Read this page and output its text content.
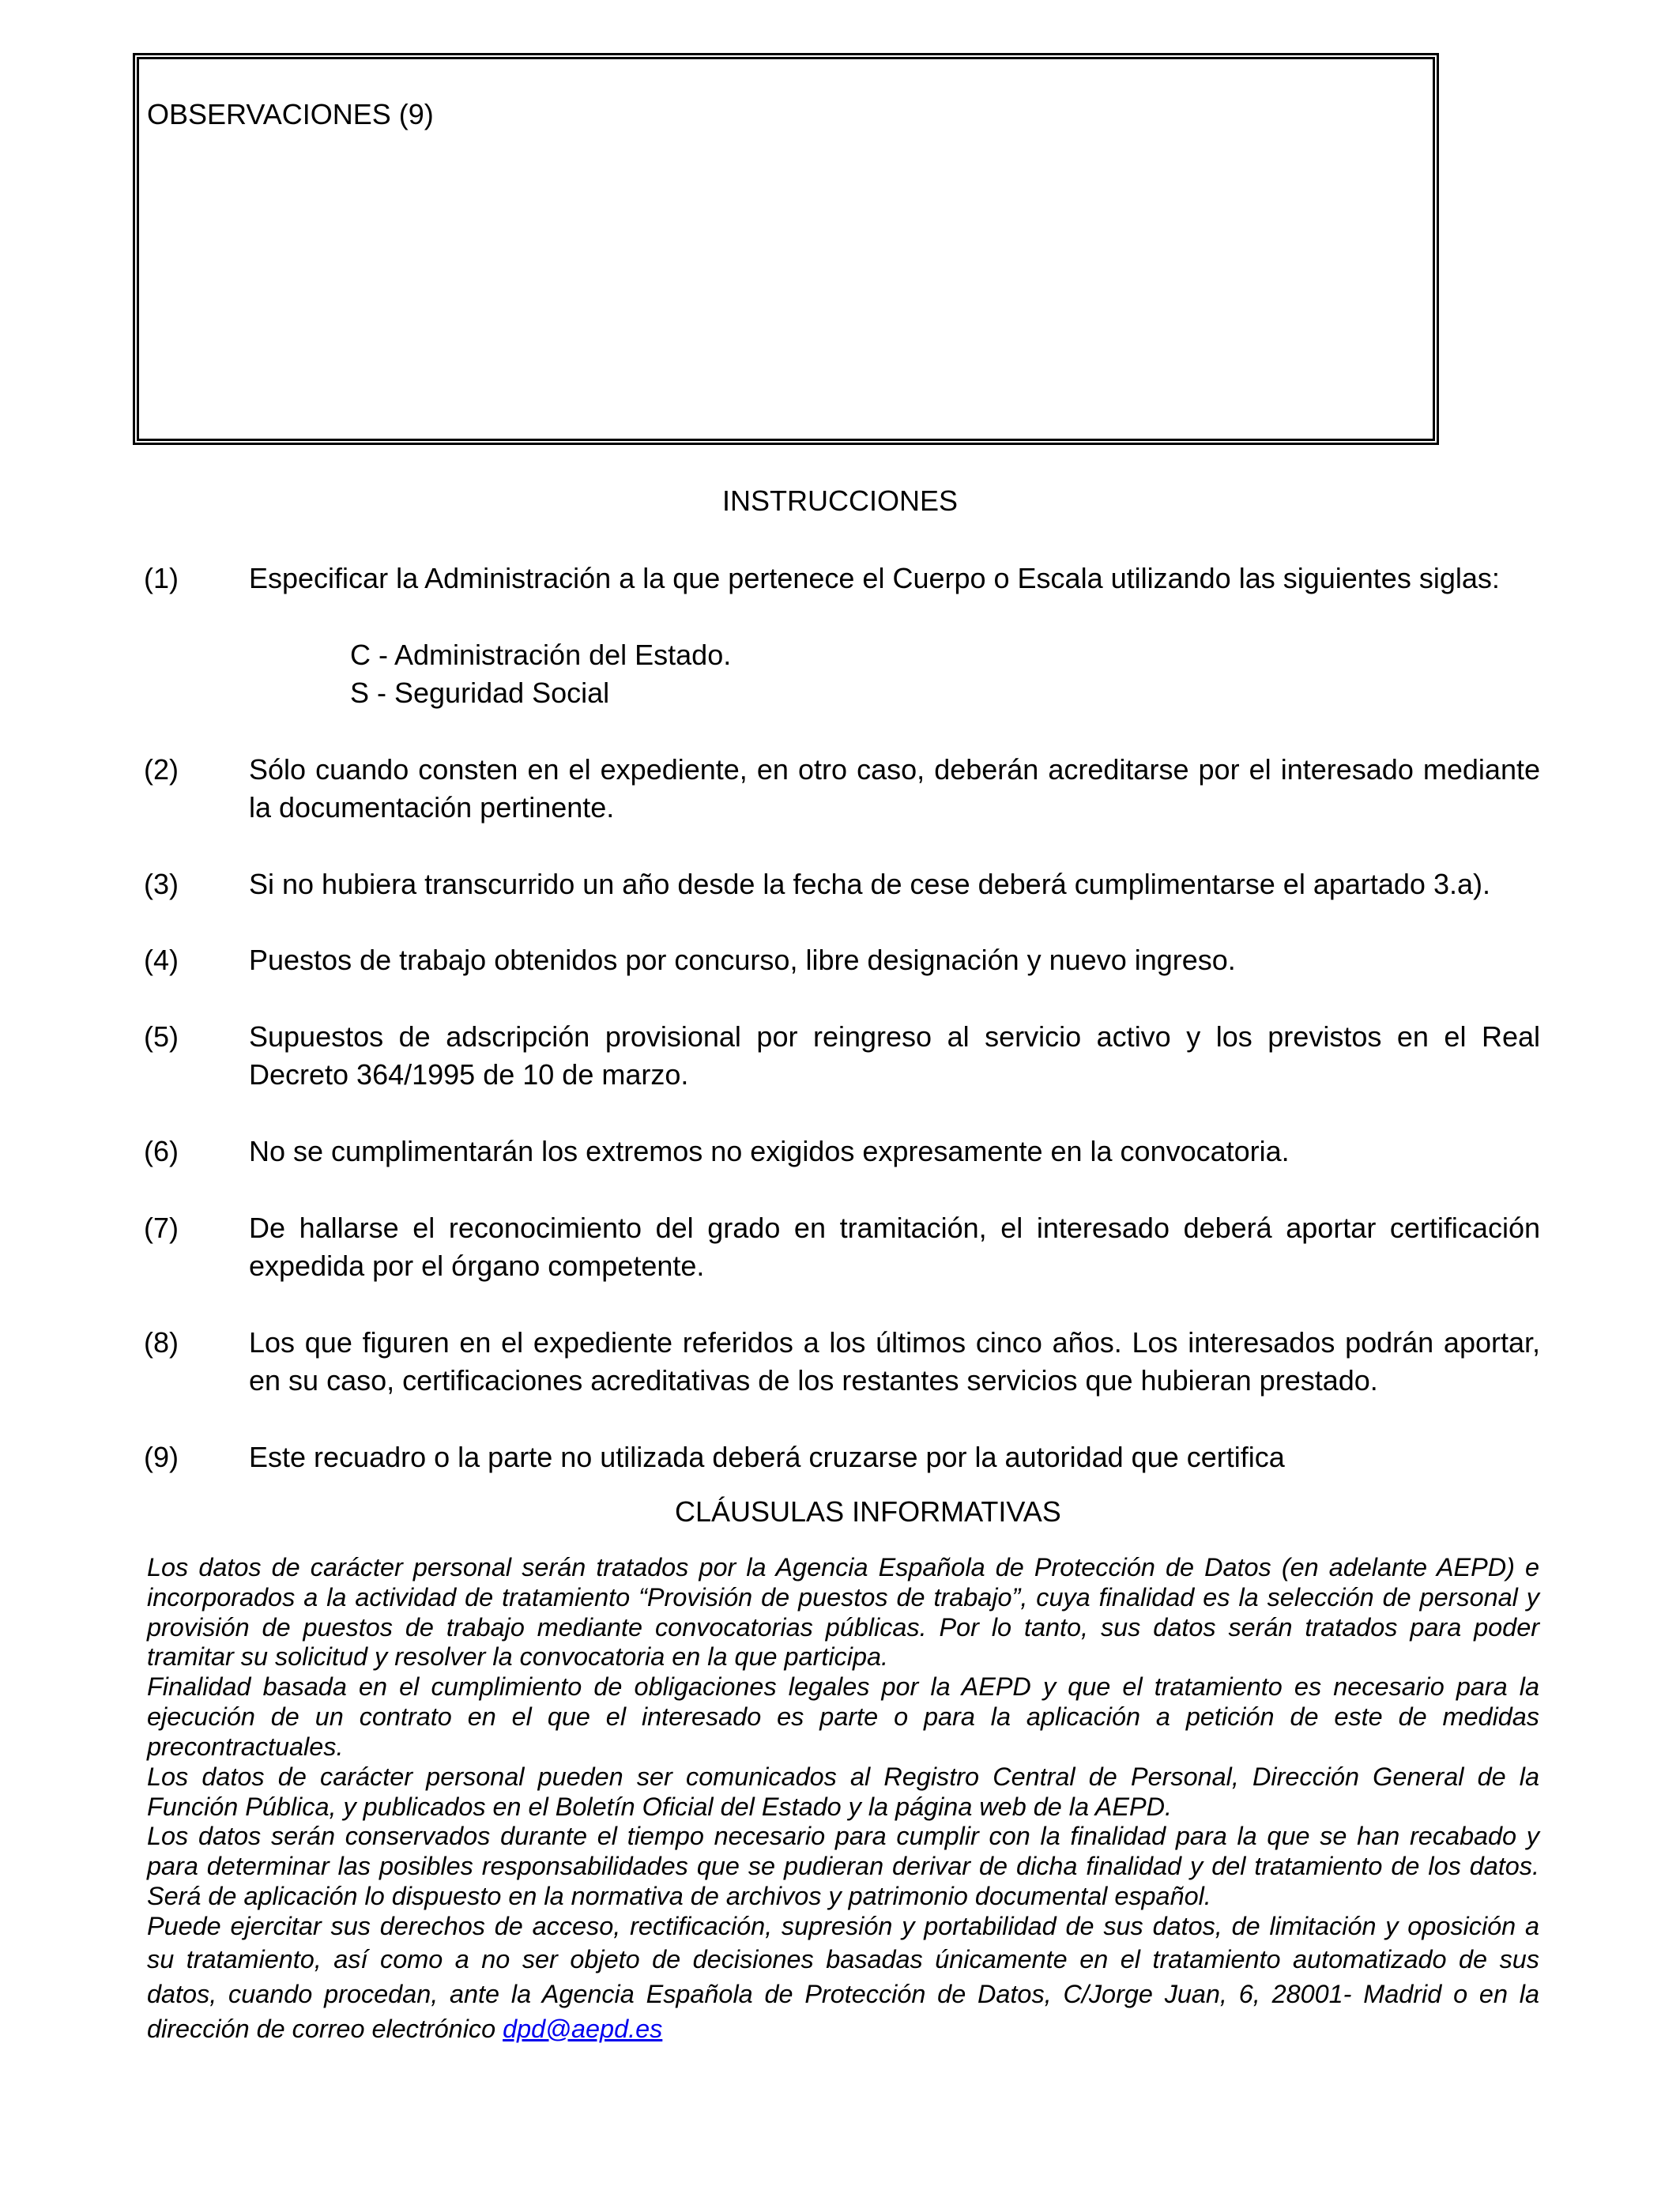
OBSERVACIONES (9)
INSTRUCCIONES
(1) Especificar la Administración a la que pertenece el Cuerpo o Escala utilizando las siguientes siglas:
C - Administración del Estado.
S - Seguridad Social
(2) Sólo cuando consten en el expediente, en otro caso, deberán acreditarse por el interesado mediante
la documentación pertinente.
(3) Si no hubiera transcurrido un año desde la fecha de cese deberá cumplimentarse el apartado 3.a).
(4) Puestos de trabajo obtenidos por concurso, libre designación y nuevo ingreso.
(5) Supuestos de adscripción provisional por reingreso al servicio activo y los previstos en el Real
Decreto 364/1995 de 10 de marzo.
(6) No se cumplimentarán los extremos no exigidos expresamente en la convocatoria.
(7) De hallarse el reconocimiento del grado en tramitación, el interesado deberá aportar certificación
expedida por el órgano competente.
(8) Los que figuren en el expediente referidos a los últimos cinco años. Los interesados podrán aportar,
en su caso, certificaciones acreditativas de los restantes servicios que hubieran prestado.
(9) Este recuadro o la parte no utilizada deberá cruzarse por la autoridad que certifica
CLÁUSULAS INFORMATIVAS

Los datos de carácter personal serán tratados por la Agencia Española de Protección de Datos (en adelante AEPD) e
incorporados a la actividad de tratamiento “Provisión de puestos de trabajo”, cuya finalidad es la selección de personal y
provisión de puestos de trabajo mediante convocatorias públicas. Por lo tanto, sus datos serán tratados para poder
tramitar su solicitud y resolver la convocatoria en la que participa.

Finalidad basada en el cumplimiento de obligaciones legales por la AEPD y que el tratamiento es necesario para la
ejecución de un contrato en el que el interesado es parte o para la aplicación a petición de este de medidas
precontractuales.

Los datos de carácter personal pueden ser comunicados al Registro Central de Personal, Dirección General de la
Función Pública, y publicados en el Boletín Oficial del Estado y la página web de la AEPD.

Los datos serán conservados durante el tiempo necesario para cumplir con la finalidad para la que se han recabado y
para determinar las posibles responsabilidades que se pudieran derivar de dicha finalidad y del tratamiento de los datos.
Será de aplicación lo dispuesto en la normativa de archivos y patrimonio documental español.

Puede ejercitar sus derechos de acceso, rectificación, supresión y portabilidad de sus datos, de limitación y oposición a
su tratamiento, así como a no ser objeto de decisiones basadas únicamente en el tratamiento automatizado de sus
datos, cuando procedan, ante la Agencia Española de Protección de Datos, C/Jorge Juan, 6, 28001- Madrid o en la
dirección de correo electrónico dpd@aepd.es
